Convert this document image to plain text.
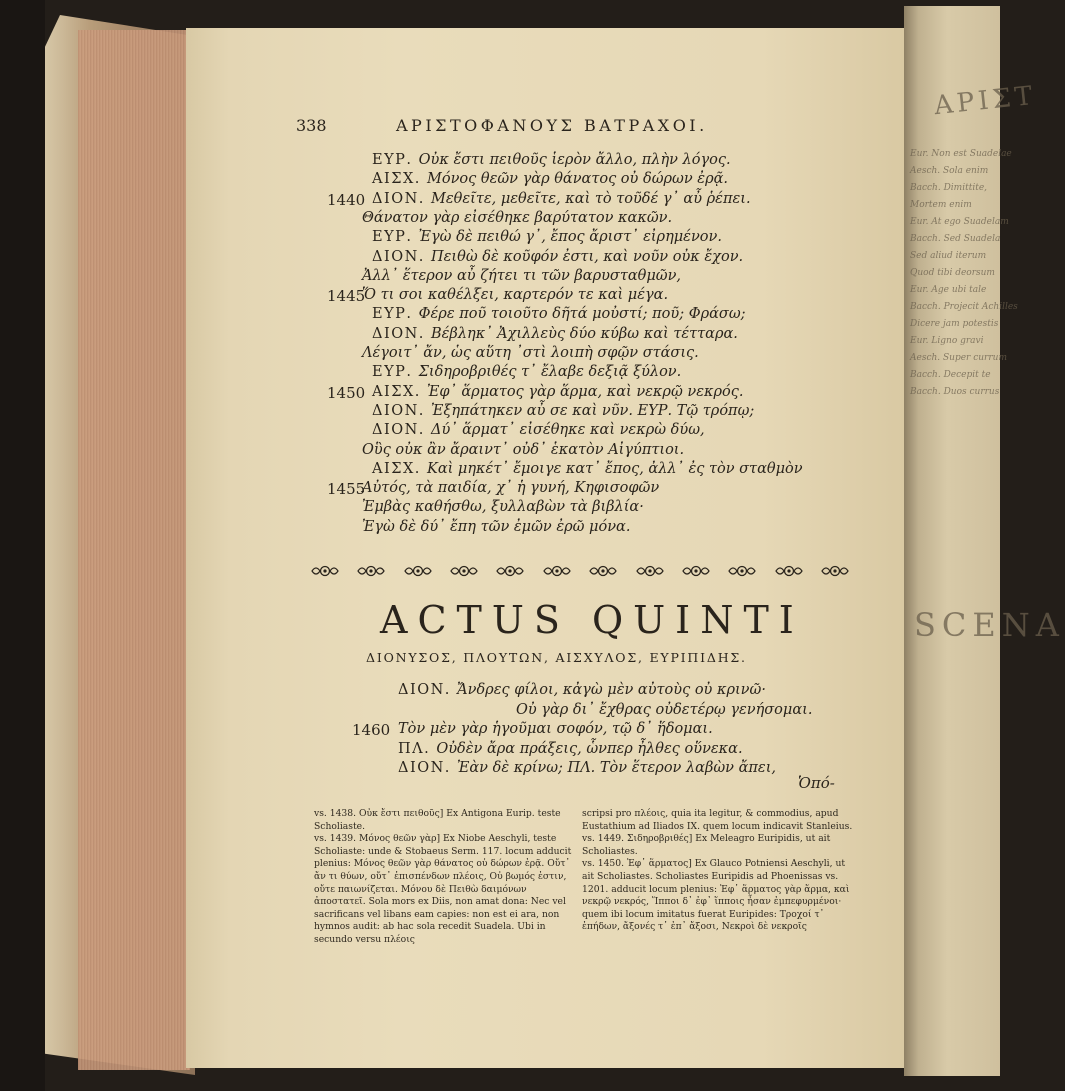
ΑΡΙΣΤ
Eur. Non est Suadelae
Aesch. Sola enim
Bacch. Dimittite,
Mortem enim
Eur. At ego Suadelam
Bacch. Sed Suadela
Sed aliud iterum
Quod tibi deorsum
Eur. Age ubi tale
Bacch. Projecit Achilles
Dicere jam potestis
Eur. Ligno gravi
Aesch. Super currum
Bacch. Decepit te
Bacch. Duos currus
SCENA
338	ΑΡΙΣΤΟΦΑΝΟΥΣ ΒΑΤΡΑΧΟΙ.
ΕΥΡ. Οὐκ ἔστι πειθοῦς ἱερὸν ἄλλο, πλὴν λόγος.
ΑΙΣΧ. Μόνος θεῶν γὰρ θάνατος οὐ δώρων ἐρᾷ.
1440 ΔΙΟΝ. Μεθεῖτε, μεθεῖτε, καὶ τὸ τοῦδέ γ᾽ αὖ ῥέπει.
Θάνατον γὰρ εἰσέθηκε βαρύτατον κακῶν.
ΕΥΡ. Ἐγὼ δὲ πειθώ γ᾽, ἔπος ἄριστ᾽ εἰρημένον.
ΔΙΟΝ. Πειθὼ δὲ κοῦφόν ἐστι, καὶ νοῦν οὐκ ἔχον.
Ἀλλ᾽ ἕτερον αὖ ζήτει τι τῶν βαρυσταθμῶν,
1445
Ὅ τι σοι καθέλξει, καρτερόν τε καὶ μέγα.
ΕΥΡ. Φέρε ποῦ τοιοῦτο δῆτά μοὐστί; ποῦ; Φράσω;
ΔΙΟΝ. Βέβληκ᾽ Ἀχιλλεὺς δύο κύβω καὶ τέτταρα.
Λέγοιτ᾽ ἄν, ὡς αὕτη ᾽στὶ λοιπὴ σφῷν στάσις.
ΕΥΡ. Σιδηροβριθές τ᾽ ἔλαβε δεξιᾷ ξύλον.
1450 ΑΙΣΧ. Ἐφ᾽ ἅρματος γὰρ ἅρμα, καὶ νεκρῷ νεκρός.
ΔΙΟΝ. Ἐξηπάτηκεν αὖ σε καὶ νῦν. ΕΥΡ. Τῷ τρόπῳ;
ΔΙΟΝ. Δύ᾽ ἅρματ᾽ εἰσέθηκε καὶ νεκρὼ δύω,
Οὓς οὐκ ἂν ἄραιντ᾽ οὐδ᾽ ἑκατὸν Αἰγύπτιοι.
ΑΙΣΧ. Καὶ μηκέτ᾽ ἔμοιγε κατ᾽ ἔπος, ἀλλ᾽ ἐς τὸν σταθμὸν
1455
Αὐτός, τὰ παιδία, χ᾽ ἡ γυνή, Κηφισοφῶν
Ἐμβὰς καθήσθω, ξυλλαβὼν τὰ βιβλία·
Ἐγὼ δὲ δύ᾽ ἔπη τῶν ἐμῶν ἐρῶ μόνα.
ACTUS QUINTI
ΔΙΟΝΥΣΟΣ, ΠΛΟΥΤΩΝ, ΑΙΣΧΥΛΟΣ, ΕΥΡΙΠΙΔΗΣ.
ΔΙΟΝ. Ἄνδρες φίλοι, κἀγὼ μὲν αὐτοὺς οὐ κρινῶ·
Οὐ γὰρ δι᾽ ἔχθρας οὐδετέρῳ γενήσομαι.
1460 Τὸν μὲν γὰρ ἡγοῦμαι σοφόν, τῷ δ᾽ ἥδομαι.
ΠΛ. Οὐδὲν ἄρα πράξεις, ὧνπερ ἦλθες οὕνεκα.
ΔΙΟΝ. Ἐὰν δὲ κρίνω; ΠΛ. Τὸν ἕτερον λαβὼν ἄπει,
Ὁπό-

vs. 1438. Οὐκ ἔστι πειθοῦς] Ex Antigona Eurip. teste Scholiaste.

vs. 1439. Μόνος θεῶν γὰρ] Ex Niobe Aeschyli, teste Scholiaste: unde & Stobaeus Serm. 117. locum adducit plenius: Μόνος θεῶν γὰρ θάνατος οὐ δώρων ἐρᾷ. Οὔτ᾽ ἄν τι θύων, οὔτ᾽ ἐπισπένδων πλέοις, Οὐ βωμός ἐστιν, οὔτε παιωνίζεται. Μόνου δὲ Πειθὼ δαιμόνων ἀποστατεῖ. Sola mors ex Diis, non amat dona: Nec vel sacrificans vel libans eam capies: non est ei ara, non hymnos audit: ab hac sola recedit Suadela. Ubi in secundo versu πλέοις

scripsi pro πλέοις, quia ita legitur, & commodius, apud Eustathium ad Iliados IX. quem locum indicavit Stanleius.

vs. 1449. Σιδηροβριθές] Ex Meleagro Euripidis, ut ait Scholiastes.

vs. 1450. Ἐφ᾽ ἅρματος] Ex Glauco Potniensi Aeschyli, ut ait Scholiastes. Scholiastes Euripidis ad Phoenissas vs. 1201. adducit locum plenius: Ἐφ᾽ ἅρματος γὰρ ἅρμα, καὶ νεκρῷ νεκρός, Ἵπποι δ᾽ ἐφ᾽ ἵπποις ἦσαν ἐμπεφυρμένοι· quem ibi locum imitatus fuerat Euripides: Τροχοί τ᾽ ἐπήδων, ἄξονές τ᾽ ἐπ᾽ ἄξοσι, Νεκροὶ δὲ νεκροῖς
